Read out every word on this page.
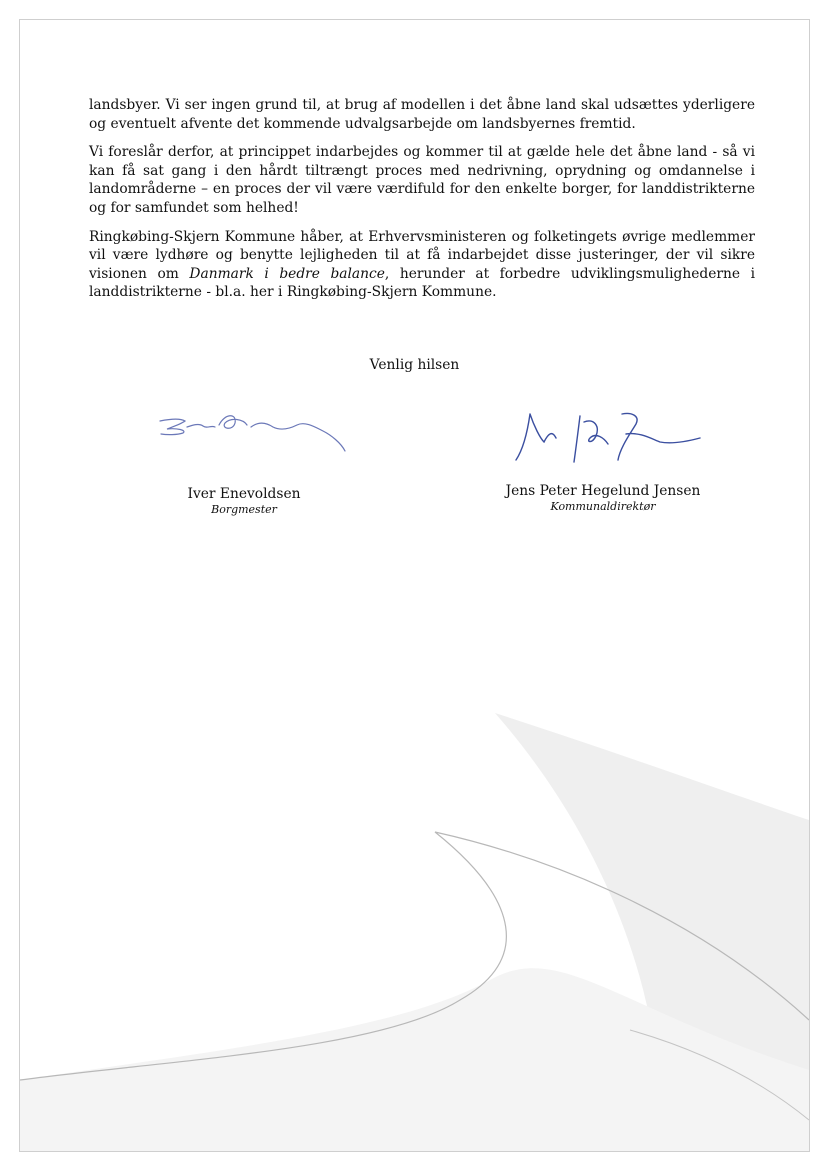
landsbyer. Vi ser ingen grund til, at brug af modellen i det åbne land skal udsættes yderligere og eventuelt afvente det kommende udvalgsarbejde om landsbyernes fremtid.

Vi foreslår derfor, at princippet indarbejdes og kommer til at gælde hele det åbne land - så vi kan få sat gang i den hårdt tiltrængt proces med nedrivning, oprydning og omdannelse i landområderne – en proces der vil være værdifuld for den enkelte borger, for landdistrikterne og for samfundet som helhed!

Ringkøbing-Skjern Kommune håber, at Erhvervsministeren og folketingets øvrige medlemmer vil være lydhøre og benytte lejligheden til at få indarbejdet disse justeringer, der vil sikre visionen om Danmark i bedre balance, herunder at forbedre udviklingsmulighederne i landdistrikterne - bl.a. her i Ringkøbing-Skjern Kommune.

Venlig hilsen
Iver Enevoldsen
Borgmester
Jens Peter Hegelund Jensen
Kommunaldirektør
